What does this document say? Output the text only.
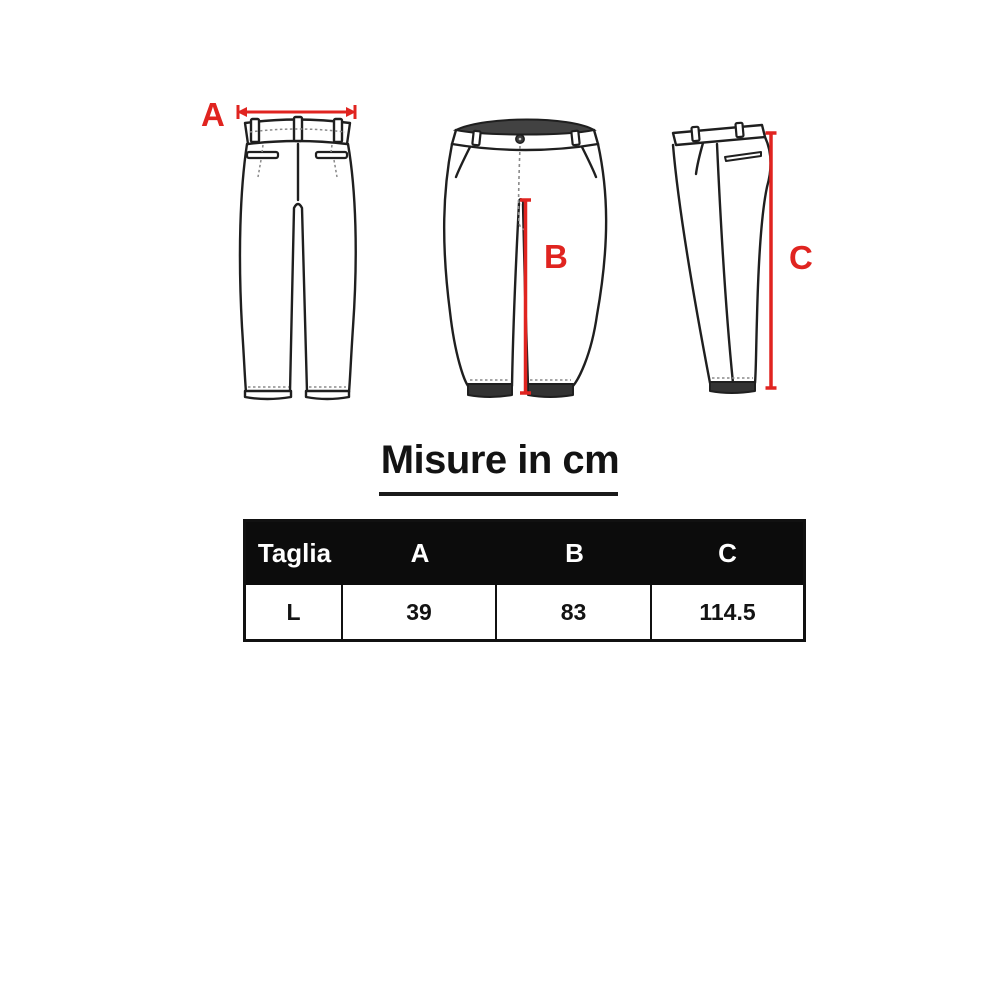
A
B	C
Misure in cm
Taglia	A	B	C
L	39	83	114.5
